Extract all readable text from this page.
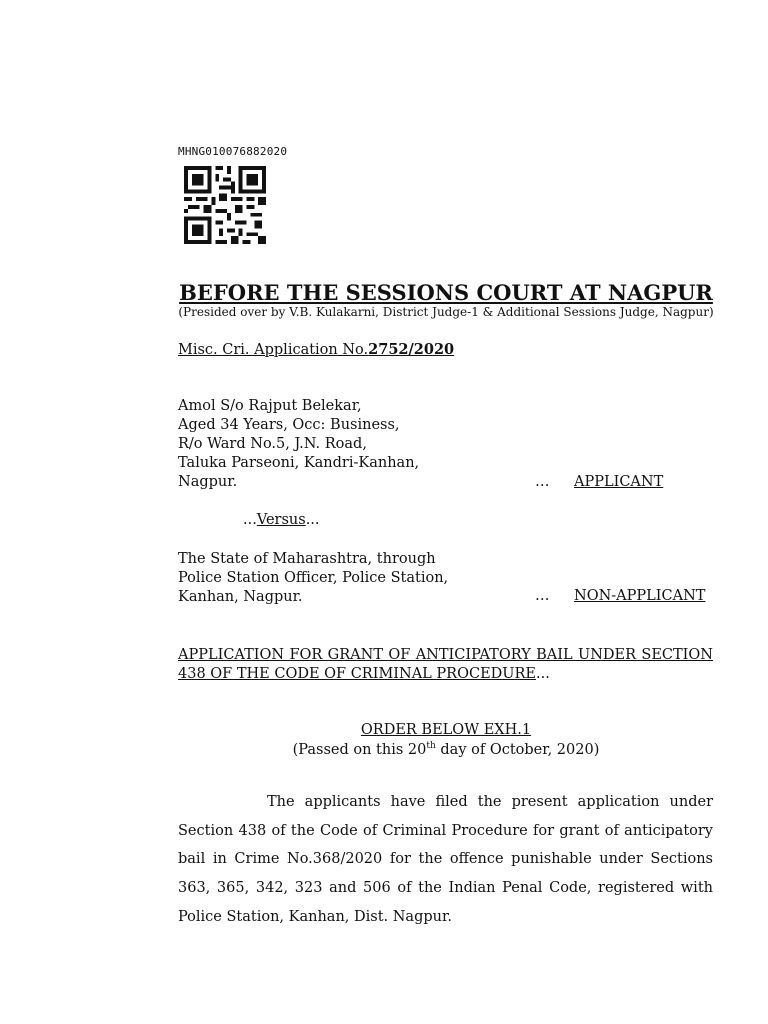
MHNG010076882020
BEFORE THE SESSIONS COURT AT NAGPUR
(Presided over by V.B. Kulakarni, District Judge-1 & Additional Sessions Judge, Nagpur)
Misc. Cri. Application No.2752/2020
Amol S/o Rajput Belekar,
Aged 34 Years, Occ: Business,
R/o Ward No.5, J.N. Road,
Taluka Parseoni, Kandri-Kanhan,
Nagpur.	… APPLICANT
...Versus...
The State of Maharashtra, through
Police Station Officer, Police Station,
Kanhan, Nagpur.	… NON-APPLICANT
APPLICATION FOR GRANT OF ANTICIPATORY BAIL UNDER SECTION 438 OF THE CODE OF CRIMINAL PROCEDURE...
ORDER BELOW EXH.1
(Passed on this 20th day of October, 2020)
The applicants have filed the present application under Section 438 of the Code of Criminal Procedure for grant of anticipatory bail in Crime No.368/2020 for the offence punishable under Sections 363, 365, 342, 323 and 506 of the Indian Penal Code, registered with Police Station, Kanhan, Dist. Nagpur.
